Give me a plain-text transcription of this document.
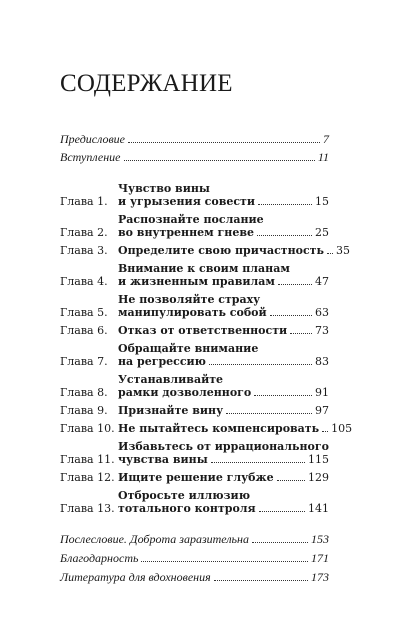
СОДЕРЖАНИЕ
Предисловие	7
Вступление	11
Глава 1.
Чувство вины
и угрызения совести	15
Глава 2.
Распознайте послание
во внутреннем гневе	25
Глава 3. Определите свою причастность 35
Глава 4.
Внимание к своим планам
и жизненным правилам	47
Глава 5.
Не позволяйте страху
манипулировать собой	63
Глава 6. Отказ от ответственности	73
Глава 7.
Обращайте внимание
на регрессию	83
Глава 8.
Устанавливайте
рамки дозволенного	91
Глава 9. Признайте вину	97
Глава 10. Не пытайтесь компенсировать 105
Глава 11.
Избавьтесь от иррационального
чувства вины	115
Глава 12. Ищите решение глубже	129
Глава 13.
Отбросьте иллюзию
тотального контроля	141
Послесловие. Доброта заразительна	153
Благодарность	171
Литература для вдохновения	173
